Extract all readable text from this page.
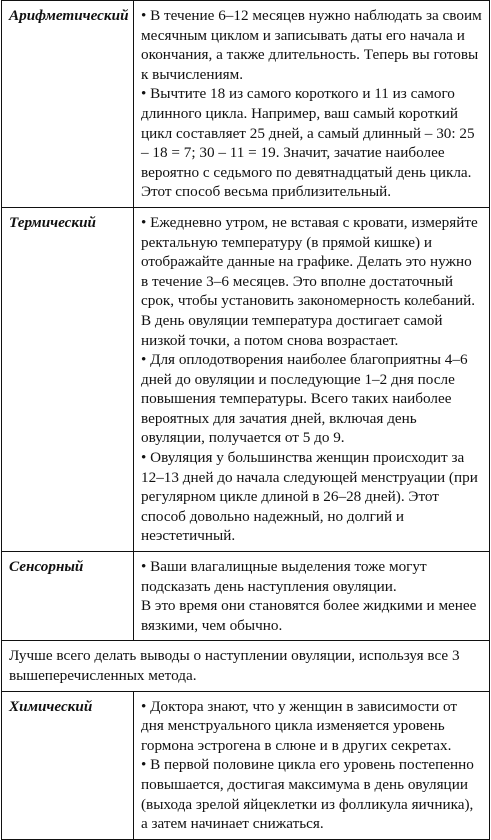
Арифметический	• В течение 6–12 месяцев нужно наблюдать за своим месячным циклом и записывать даты его начала и окончания, а также длительность. Теперь вы готовы к вычислениям.
• Вычтите 18 из самого короткого и 11 из самого длинного цикла. Например, ваш самый короткий цикл составляет 25 дней, а самый длинный – 30: 25 – 18 = 7; 30 – 11 = 19. Значит, зачатие наиболее вероятно с седьмого по девятнадцатый день цикла. Этот способ весьма приблизительный.

Термический	• Ежедневно утром, не вставая с кровати, измеряйте ректальную температуру (в прямой кишке) и отображайте данные на графике. Делать это нужно в течение 3–6 месяцев. Это вполне достаточный срок, чтобы установить закономерность колебаний. В день овуляции температура достигает самой низкой точки, а потом снова возрастает.
• Для оплодотворения наиболее благоприятны 4–6 дней до овуляции и последующие 1–2 дня после повышения температуры. Всего таких наиболее вероятных для зачатия дней, включая день овуляции, получается от 5 до 9.
• Овуляция у большинства женщин происходит за 12–13 дней до начала следующей менструации (при регулярном цикле длиной в 26–28 дней). Этот способ довольно надежный, но долгий и неэстетичный.

Сенсорный	• Ваши влагалищные выделения тоже могут подсказать день наступления овуляции.
В это время они становятся более жидкими и менее вязкими, чем обычно.

Лучше всего делать выводы о наступлении овуляции, используя все 3 вышеперечисленных метода.	
Химический	• Доктора знают, что у женщин в зависимости от дня менструального цикла изменяется уровень гормона эстрогена в слюне и в других секретах.
• В первой половине цикла его уровень постепенно повышается, достигая максимума в день овуляции (выхода зрелой яйцеклетки из фолликула яичника), а затем начинает снижаться.
